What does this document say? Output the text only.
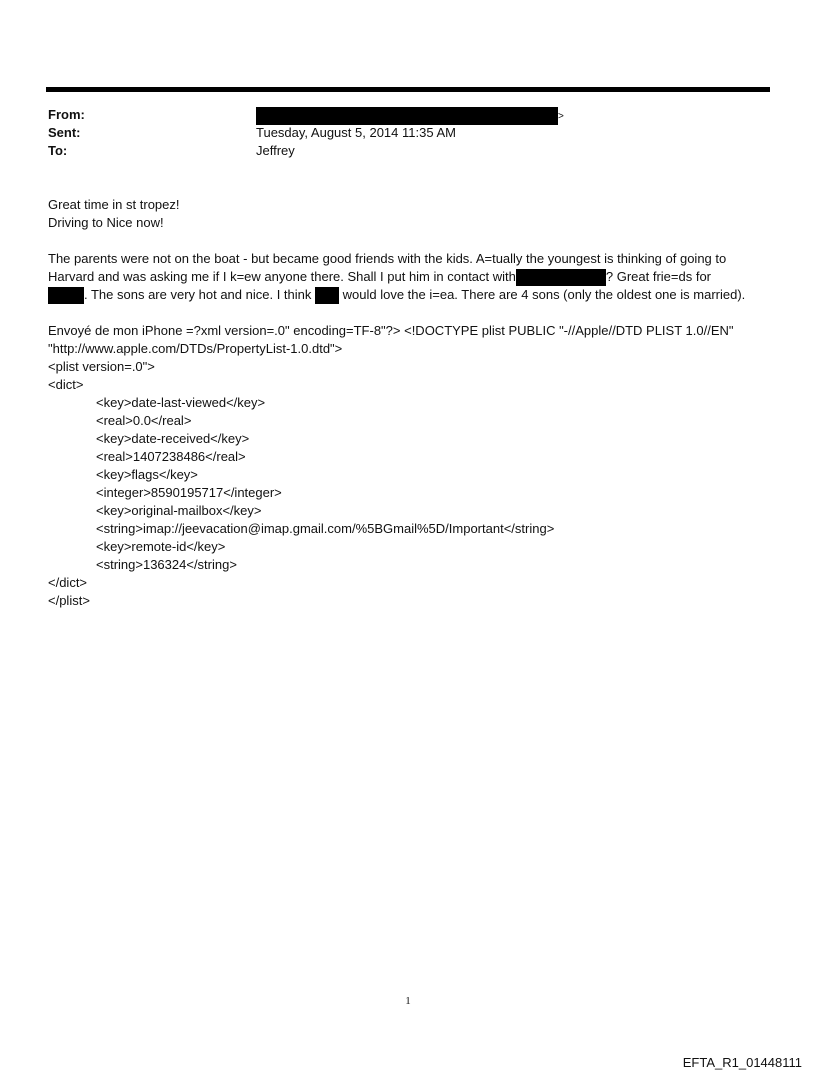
From:	>
Sent:	Tuesday, August 5, 2014 11:35 AM
To:	Jeffrey
Great time in st tropez!
Driving to Nice now!
The parents were not on the boat - but became good friends with the kids. A=tually the youngest is thinking of going to
Harvard and was asking me if I k=ew anyone there. Shall I put him in contact with	? Great frie=ds for
. The sons are very hot and nice. I think would love the i=ea. There are 4 sons (only the oldest one is married).
Envoyé de mon iPhone =?xml version=.0" encoding=TF-8"?> <!DOCTYPE plist PUBLIC "-//Apple//DTD PLIST 1.0//EN"
"http://www.apple.com/DTDs/PropertyList-1.0.dtd">
<plist version=.0">
<dict>
<key>date-last-viewed</key>
<real>0.0</real>
<key>date-received</key>
<real>1407238486</real>
<key>flags</key>
<integer>8590195717</integer>
<key>original-mailbox</key>
<string>imap://jeevacation@imap.gmail.com/%5BGmail%5D/Important</string>
<key>remote-id</key>
<string>136324</string>
</dict>
</plist>
1
EFTA_R1_01448111
